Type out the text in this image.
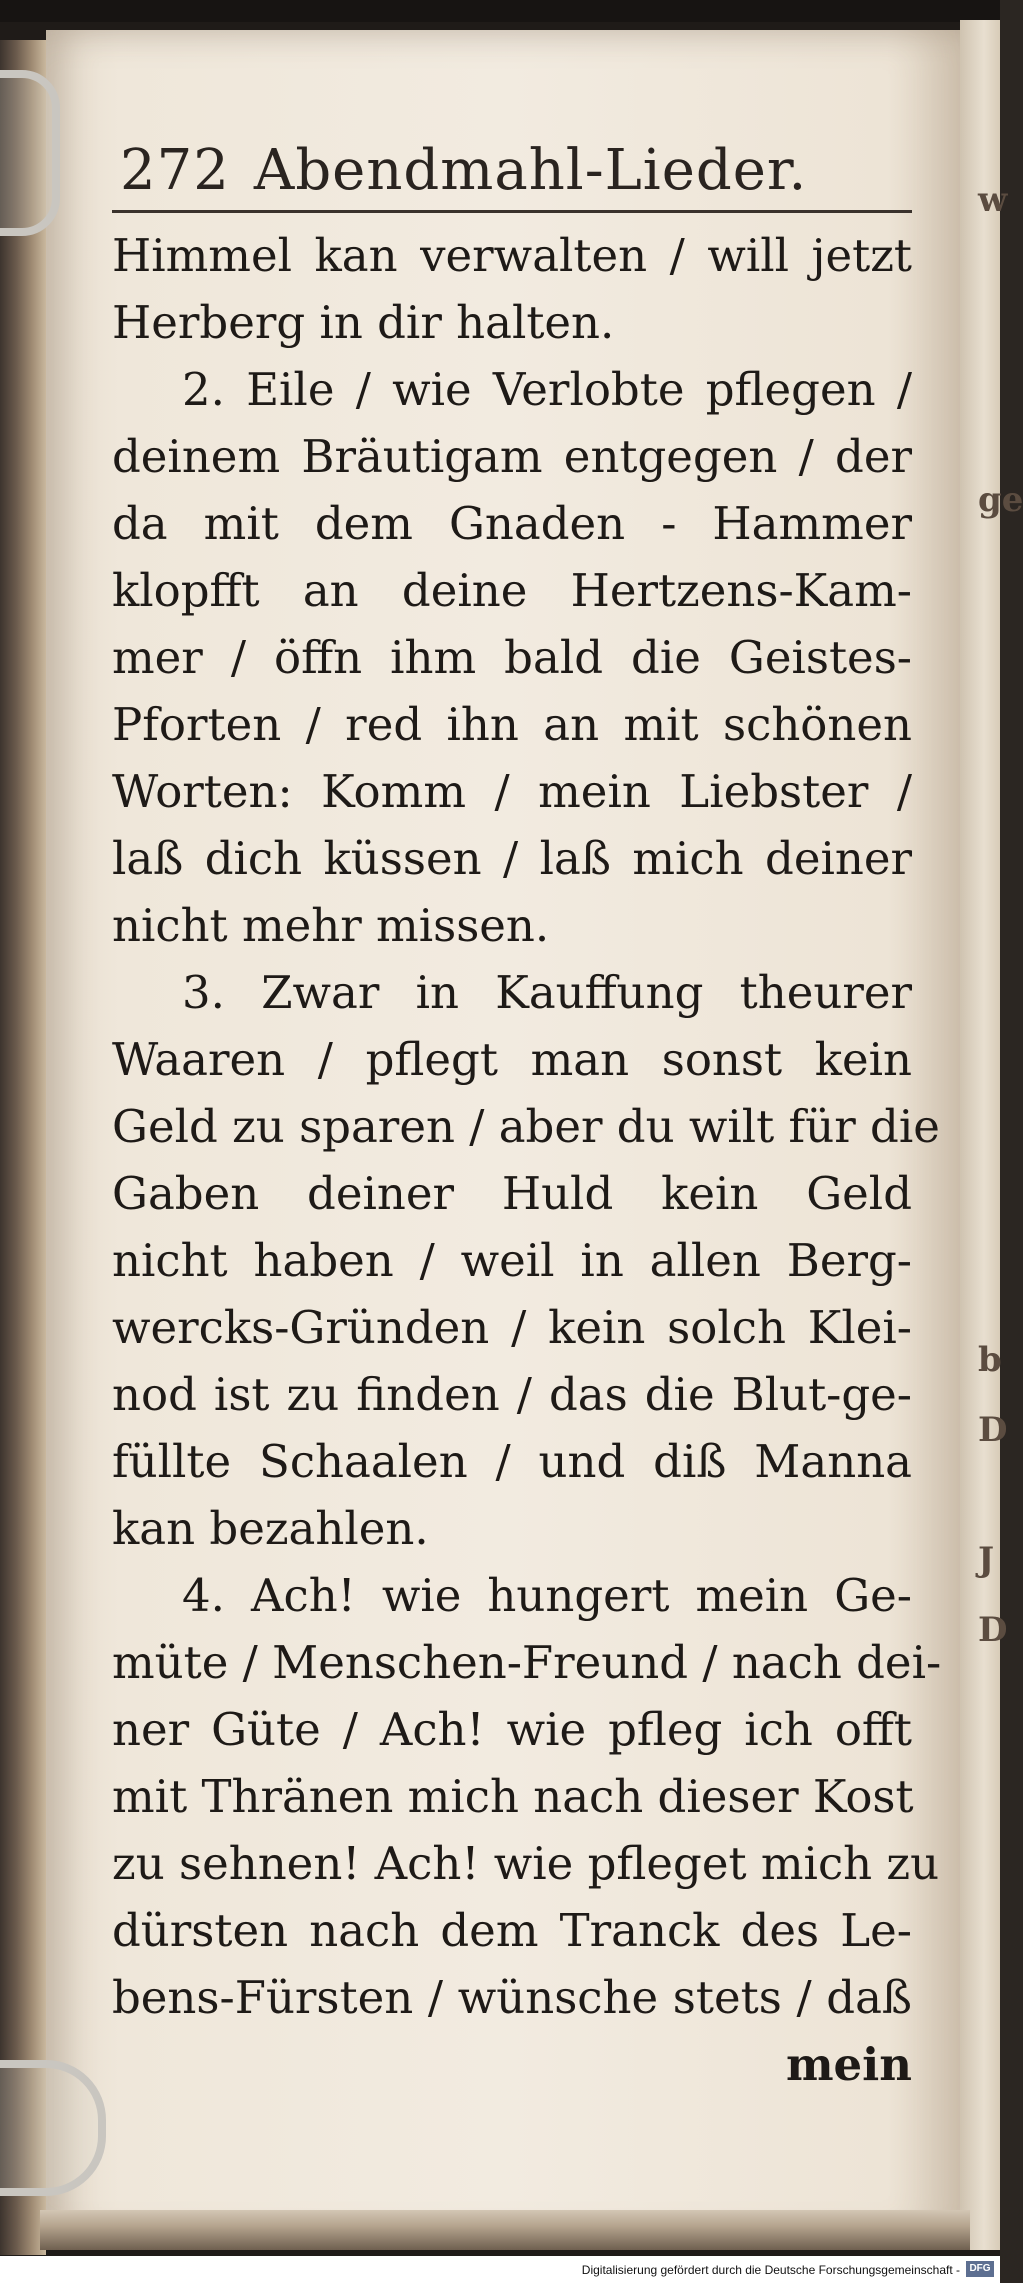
w
ge
b
D
J
D
272 Abendmahl-Lieder.
Himmel kan verwalten / will jetzt
Herberg in dir halten.
2. Eile / wie Verlobte pflegen /
deinem Bräutigam entgegen / der
da mit dem Gnaden - Hammer
klopfft an deine Hertzens-Kam-
mer / öffn ihm bald die Geistes-
Pforten / red ihn an mit schönen
Worten: Komm / mein Liebster /
laß dich küssen / laß mich deiner
nicht mehr missen.
3. Zwar in Kauffung theurer
Waaren / pflegt man sonst kein
Geld zu sparen / aber du wilt für die
Gaben deiner Huld kein Geld
nicht haben / weil in allen Berg-
wercks-Gründen / kein solch Klei-
nod ist zu finden / das die Blut-ge-
füllte Schaalen / und diß Manna
kan bezahlen.
4. Ach! wie hungert mein Ge-
müte / Menschen-Freund / nach dei-
ner Güte / Ach! wie pfleg ich offt
mit Thränen mich nach dieser Kost
zu sehnen! Ach! wie pfleget mich zu
dürsten nach dem Tranck des Le-
bens-Fürsten / wünsche stets / daß
mein
Digitalisierung gefördert durch die Deutsche Forschungsgemeinschaft - DFG
